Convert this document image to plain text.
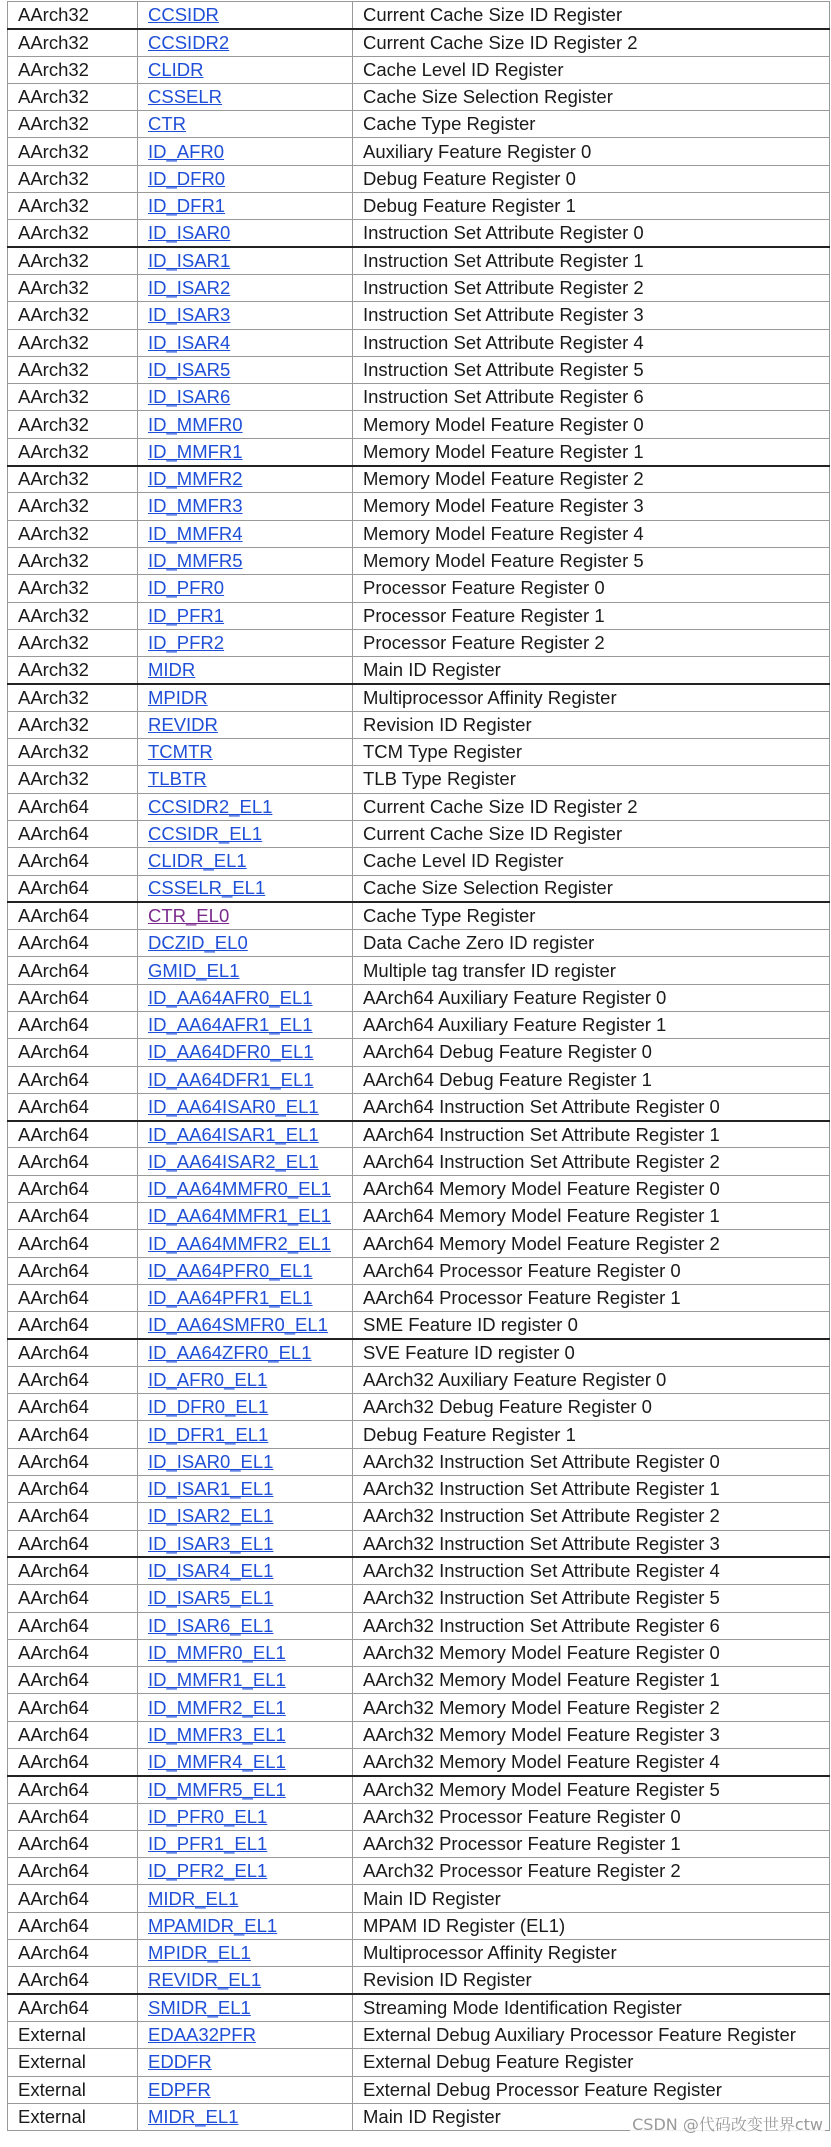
AArch32	CCSIDR	Current Cache Size ID Register
AArch32	CCSIDR2	Current Cache Size ID Register 2
AArch32	CLIDR	Cache Level ID Register
AArch32	CSSELR	Cache Size Selection Register
AArch32	CTR	Cache Type Register
AArch32	ID_AFR0	Auxiliary Feature Register 0
AArch32	ID_DFR0	Debug Feature Register 0
AArch32	ID_DFR1	Debug Feature Register 1
AArch32	ID_ISAR0	Instruction Set Attribute Register 0
AArch32	ID_ISAR1	Instruction Set Attribute Register 1
AArch32	ID_ISAR2	Instruction Set Attribute Register 2
AArch32	ID_ISAR3	Instruction Set Attribute Register 3
AArch32	ID_ISAR4	Instruction Set Attribute Register 4
AArch32	ID_ISAR5	Instruction Set Attribute Register 5
AArch32	ID_ISAR6	Instruction Set Attribute Register 6
AArch32	ID_MMFR0	Memory Model Feature Register 0
AArch32	ID_MMFR1	Memory Model Feature Register 1
AArch32	ID_MMFR2	Memory Model Feature Register 2
AArch32	ID_MMFR3	Memory Model Feature Register 3
AArch32	ID_MMFR4	Memory Model Feature Register 4
AArch32	ID_MMFR5	Memory Model Feature Register 5
AArch32	ID_PFR0	Processor Feature Register 0
AArch32	ID_PFR1	Processor Feature Register 1
AArch32	ID_PFR2	Processor Feature Register 2
AArch32	MIDR	Main ID Register
AArch32	MPIDR	Multiprocessor Affinity Register
AArch32	REVIDR	Revision ID Register
AArch32	TCMTR	TCM Type Register
AArch32	TLBTR	TLB Type Register
AArch64	CCSIDR2_EL1	Current Cache Size ID Register 2
AArch64	CCSIDR_EL1	Current Cache Size ID Register
AArch64	CLIDR_EL1	Cache Level ID Register
AArch64	CSSELR_EL1	Cache Size Selection Register
AArch64	CTR_EL0	Cache Type Register
AArch64	DCZID_EL0	Data Cache Zero ID register
AArch64	GMID_EL1	Multiple tag transfer ID register
AArch64	ID_AA64AFR0_EL1	AArch64 Auxiliary Feature Register 0
AArch64	ID_AA64AFR1_EL1	AArch64 Auxiliary Feature Register 1
AArch64	ID_AA64DFR0_EL1	AArch64 Debug Feature Register 0
AArch64	ID_AA64DFR1_EL1	AArch64 Debug Feature Register 1
AArch64	ID_AA64ISAR0_EL1	AArch64 Instruction Set Attribute Register 0
AArch64	ID_AA64ISAR1_EL1	AArch64 Instruction Set Attribute Register 1
AArch64	ID_AA64ISAR2_EL1	AArch64 Instruction Set Attribute Register 2
AArch64	ID_AA64MMFR0_EL1	AArch64 Memory Model Feature Register 0
AArch64	ID_AA64MMFR1_EL1	AArch64 Memory Model Feature Register 1
AArch64	ID_AA64MMFR2_EL1	AArch64 Memory Model Feature Register 2
AArch64	ID_AA64PFR0_EL1	AArch64 Processor Feature Register 0
AArch64	ID_AA64PFR1_EL1	AArch64 Processor Feature Register 1
AArch64	ID_AA64SMFR0_EL1	SME Feature ID register 0
AArch64	ID_AA64ZFR0_EL1	SVE Feature ID register 0
AArch64	ID_AFR0_EL1	AArch32 Auxiliary Feature Register 0
AArch64	ID_DFR0_EL1	AArch32 Debug Feature Register 0
AArch64	ID_DFR1_EL1	Debug Feature Register 1
AArch64	ID_ISAR0_EL1	AArch32 Instruction Set Attribute Register 0
AArch64	ID_ISAR1_EL1	AArch32 Instruction Set Attribute Register 1
AArch64	ID_ISAR2_EL1	AArch32 Instruction Set Attribute Register 2
AArch64	ID_ISAR3_EL1	AArch32 Instruction Set Attribute Register 3
AArch64	ID_ISAR4_EL1	AArch32 Instruction Set Attribute Register 4
AArch64	ID_ISAR5_EL1	AArch32 Instruction Set Attribute Register 5
AArch64	ID_ISAR6_EL1	AArch32 Instruction Set Attribute Register 6
AArch64	ID_MMFR0_EL1	AArch32 Memory Model Feature Register 0
AArch64	ID_MMFR1_EL1	AArch32 Memory Model Feature Register 1
AArch64	ID_MMFR2_EL1	AArch32 Memory Model Feature Register 2
AArch64	ID_MMFR3_EL1	AArch32 Memory Model Feature Register 3
AArch64	ID_MMFR4_EL1	AArch32 Memory Model Feature Register 4
AArch64	ID_MMFR5_EL1	AArch32 Memory Model Feature Register 5
AArch64	ID_PFR0_EL1	AArch32 Processor Feature Register 0
AArch64	ID_PFR1_EL1	AArch32 Processor Feature Register 1
AArch64	ID_PFR2_EL1	AArch32 Processor Feature Register 2
AArch64	MIDR_EL1	Main ID Register
AArch64	MPAMIDR_EL1	MPAM ID Register (EL1)
AArch64	MPIDR_EL1	Multiprocessor Affinity Register
AArch64	REVIDR_EL1	Revision ID Register
AArch64	SMIDR_EL1	Streaming Mode Identification Register
External	EDAA32PFR	External Debug Auxiliary Processor Feature Register
External	EDDFR	External Debug Feature Register
External	EDPFR	External Debug Processor Feature Register
External	MIDR_EL1	Main ID Register	CSDN @代码改变世界ctw
